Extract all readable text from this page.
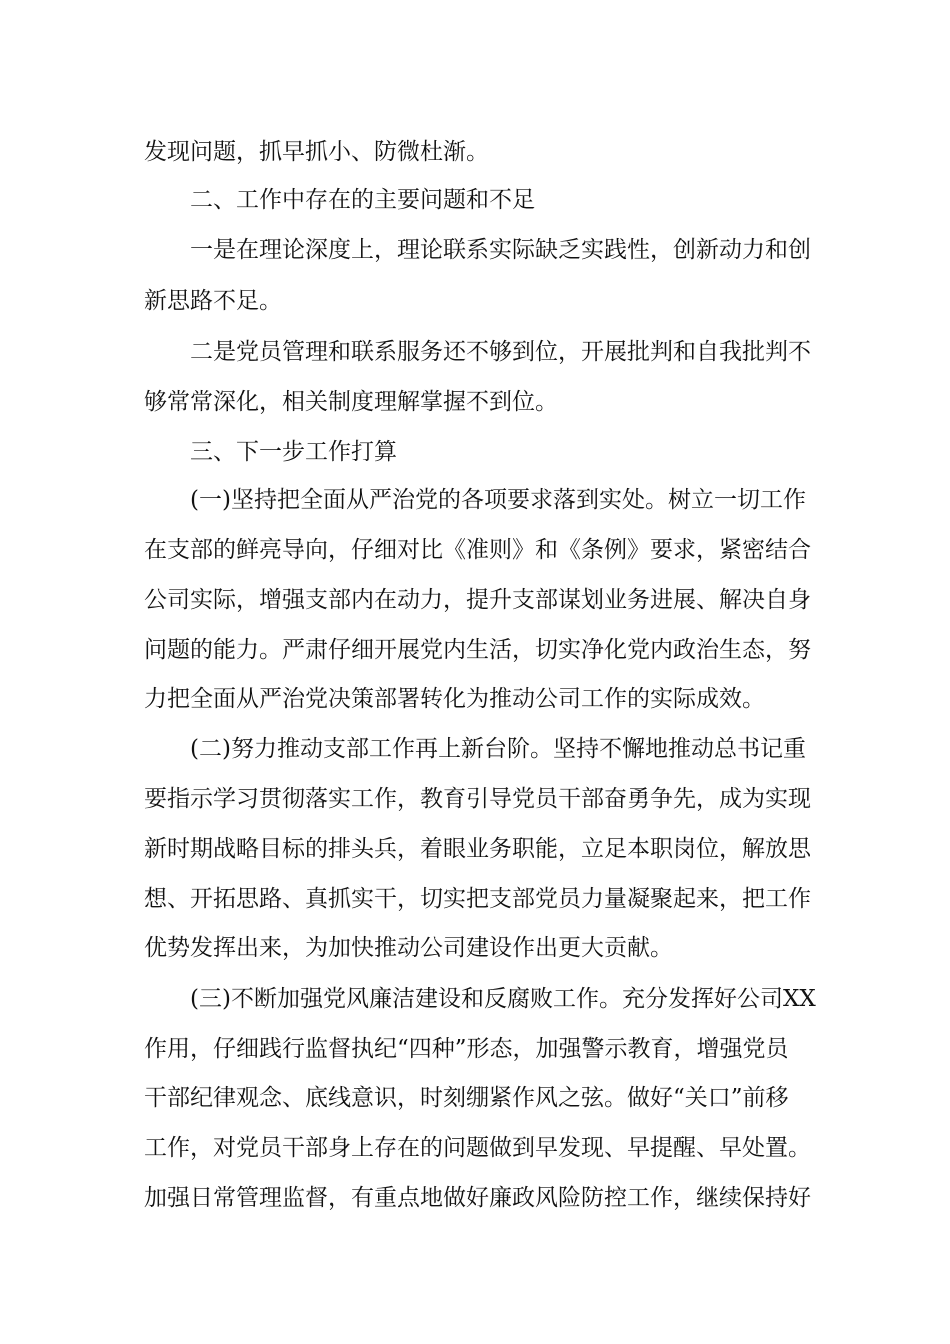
发现问题，抓早抓小、防微杜渐。
二、工作中存在的主要问题和不足
一是在理论深度上，理论联系实际缺乏实践性，创新动力和创
新思路不足。
二是党员管理和联系服务还不够到位，开展批判和自我批判不
够常常深化，相关制度理解掌握不到位。
三、下一步工作打算
(一)坚持把全面从严治党的各项要求落到实处。树立一切工作
在支部的鲜亮导向，仔细对比《准则》和《条例》要求，紧密结合
公司实际，增强支部内在动力，提升支部谋划业务进展、解决自身
问题的能力。严肃仔细开展党内生活，切实净化党内政治生态，努
力把全面从严治党决策部署转化为推动公司工作的实际成效。
(二)努力推动支部工作再上新台阶。坚持不懈地推动总书记重
要指示学习贯彻落实工作，教育引导党员干部奋勇争先，成为实现
新时期战略目标的排头兵，着眼业务职能，立足本职岗位，解放思
想、开拓思路、真抓实干，切实把支部党员力量凝聚起来，把工作
优势发挥出来，为加快推动公司建设作出更大贡献。
(三)不断加强党风廉洁建设和反腐败工作。充分发挥好公司XX
作用，仔细践行监督执纪“四种”形态，加强警示教育，增强党员
干部纪律观念、底线意识，时刻绷紧作风之弦。做好“关口”前移
工作，对党员干部身上存在的问题做到早发现、早提醒、早处置。
加强日常管理监督，有重点地做好廉政风险防控工作，继续保持好
